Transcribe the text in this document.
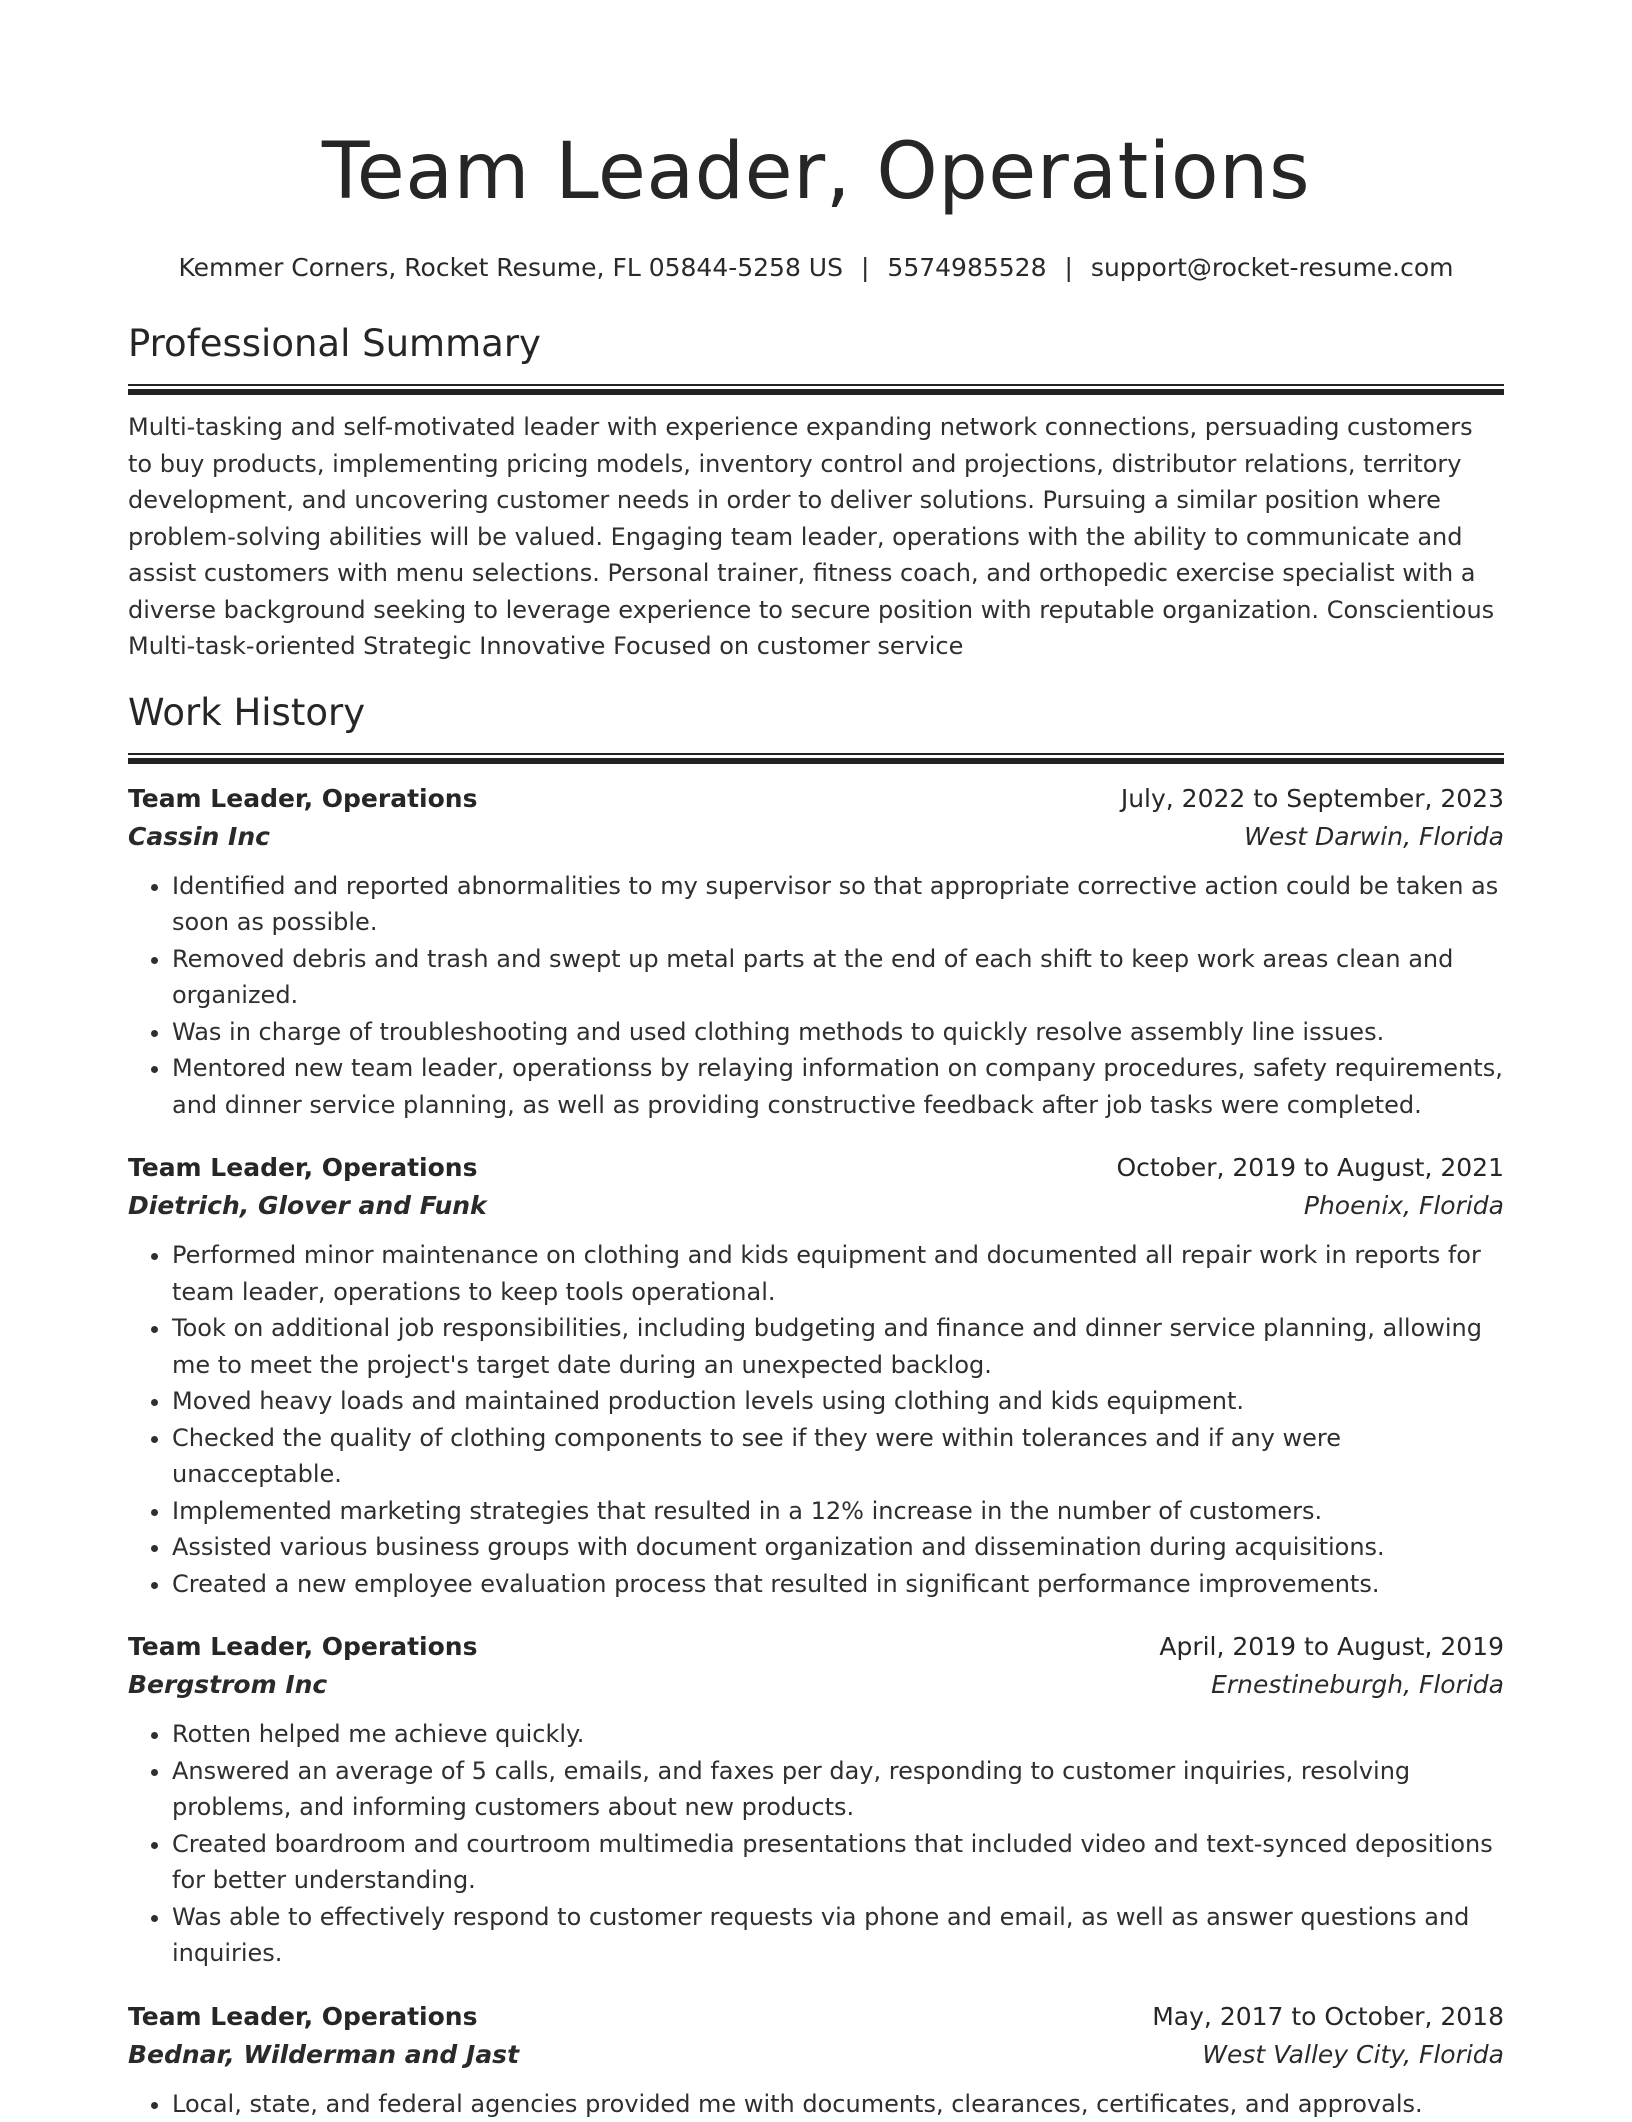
Team Leader, Operations
Kemmer Corners, Rocket Resume, FL 05844-5258 US | 5574985528 | support@rocket-resume.com
Professional Summary

Multi-tasking and self-motivated leader with experience expanding network connections, persuading customers to buy products, implementing pricing models, inventory control and projections, distributor relations, territory development, and uncovering customer needs in order to deliver solutions. Pursuing a similar position where problem-solving abilities will be valued. Engaging team leader, operations with the ability to communicate and assist customers with menu selections. Personal trainer, fitness coach, and orthopedic exercise specialist with a diverse background seeking to leverage experience to secure position with reputable organization. Conscientious Multi-task-oriented Strategic Innovative Focused on customer service

Work History
Team Leader, Operations	July, 2022 to September, 2023
Cassin Inc	West Darwin, Florida
• Identified and reported abnormalities to my supervisor so that appropriate corrective action could be taken as soon as possible.
• Removed debris and trash and swept up metal parts at the end of each shift to keep work areas clean and organized.
• Was in charge of troubleshooting and used clothing methods to quickly resolve assembly line issues.
• Mentored new team leader, operationss by relaying information on company procedures, safety requirements, and dinner service planning, as well as providing constructive feedback after job tasks were completed.
Team Leader, Operations	October, 2019 to August, 2021
Dietrich, Glover and Funk	Phoenix, Florida
• Performed minor maintenance on clothing and kids equipment and documented all repair work in reports for team leader, operations to keep tools operational.
• Took on additional job responsibilities, including budgeting and finance and dinner service planning, allowing me to meet the project's target date during an unexpected backlog.
• Moved heavy loads and maintained production levels using clothing and kids equipment.
• Checked the quality of clothing components to see if they were within tolerances and if any were unacceptable.
• Implemented marketing strategies that resulted in a 12% increase in the number of customers.
• Assisted various business groups with document organization and dissemination during acquisitions.
• Created a new employee evaluation process that resulted in significant performance improvements.
Team Leader, Operations	April, 2019 to August, 2019
Bergstrom Inc	Ernestineburgh, Florida
• Rotten helped me achieve quickly.
• Answered an average of 5 calls, emails, and faxes per day, responding to customer inquiries, resolving problems, and informing customers about new products.
• Created boardroom and courtroom multimedia presentations that included video and text-synced depositions for better understanding.
• Was able to effectively respond to customer requests via phone and email, as well as answer questions and inquiries.
Team Leader, Operations	May, 2017 to October, 2018
Bednar, Wilderman and Jast	West Valley City, Florida
• Local, state, and federal agencies provided me with documents, clearances, certificates, and approvals.
